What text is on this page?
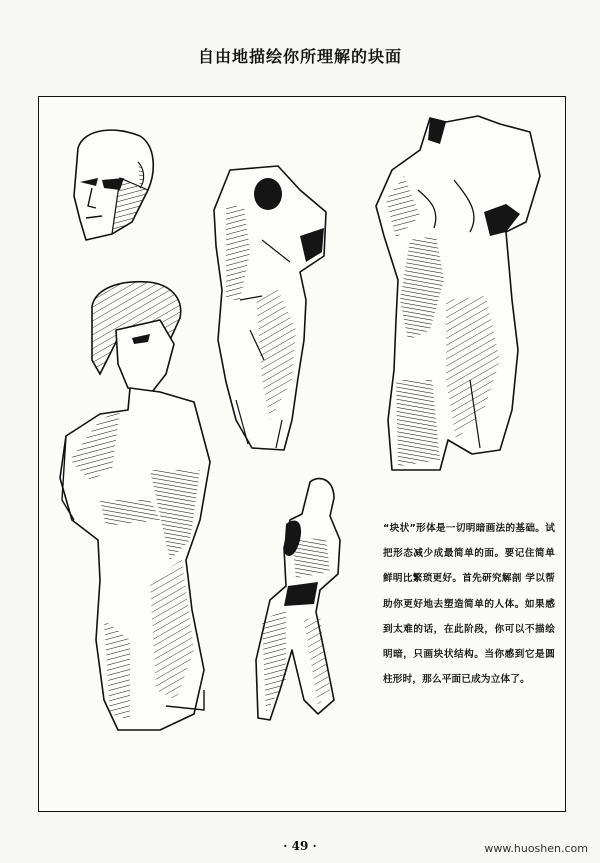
自由地描绘你所理解的块面
“块状”形体是一切明暗画法的基础。试把形态减少成最简单的面。要记住简单鲜明比繁琐更好。首先研究解剖 学以帮助你更好地去塑造简单的人体。如果感到太难的话，在此阶段，你可以不描绘明暗，只画块状结构。当你感到它是圆柱形时，那么平面已成为立体了。
· 49 ·	www.huoshen.com
